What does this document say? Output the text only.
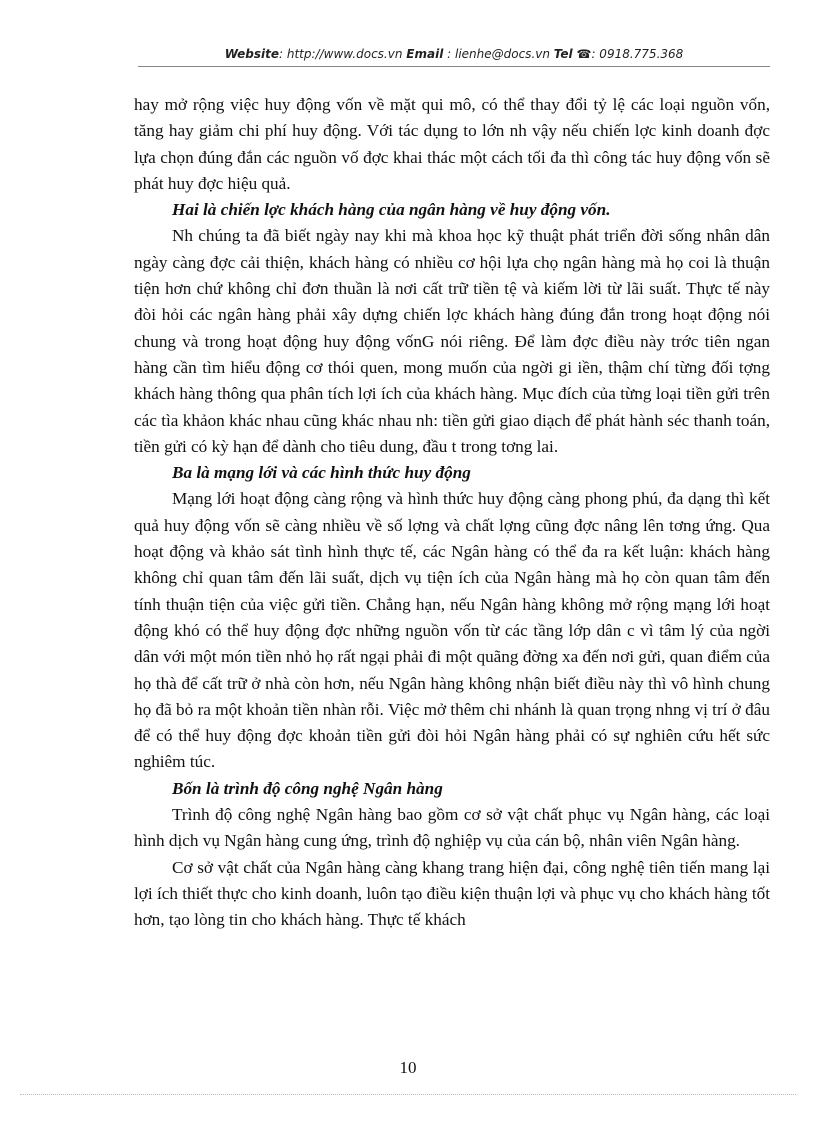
Website: http://www.docs.vn Email : lienhe@docs.vn Tel ☎: 0918.775.368

hay mở rộng việc huy động vốn về mặt qui mô, có thể thay đổi tỷ lệ các loại nguồn vốn, tăng hay giảm chi phí huy động. Với tác dụng to lớn nh vậy nếu chiến lợc kinh doanh đợc lựa chọn đúng đắn các nguồn vố đợc khai thác một cách tối đa thì công tác huy động vốn sẽ phát huy đợc hiệu quả.

Hai là chiến lợc khách hàng của ngân hàng về huy động vốn.

Nh chúng ta đã biết ngày nay khi mà khoa học kỹ thuật phát triển đời sống nhân dân ngày càng đợc cải thiện, khách hàng có nhiều cơ hội lựa chọ ngân hàng mà họ coi là thuận tiện hơn chứ không chỉ đơn thuần là nơi cất trữ tiền tệ và kiếm lời từ lãi suất. Thực tế này đòi hỏi các ngân hàng phải xây dựng chiến lợc khách hàng đúng đắn trong hoạt động nói chung và trong hoạt động huy động vốnG nói riêng. Để làm đợc điều này trớc tiên ngan hàng cần tìm hiểu động cơ thói quen, mong muốn của ngời gi iền, thậm chí từng đối tợng khách hàng thông qua phân tích lợi ích của khách hàng. Mục đích của từng loại tiền gửi trên các tìa khảon khác nhau cũng khác nhau nh: tiền gửi giao diạch để phát hành séc thanh toán, tiền gửi có kỳ hạn để dành cho tiêu dung, đầu t trong tơng lai.

Ba là mạng lới và các hình thức huy động

Mạng lới hoạt động càng rộng và hình thức huy động càng phong phú, đa dạng thì kết quả huy động vốn sẽ càng nhiều về số lợng và chất lợng cũng đợc nâng lên tơng ứng. Qua hoạt động và khảo sát tình hình thực tế, các Ngân hàng có thể đa ra kết luận: khách hàng không chỉ quan tâm đến lãi suất, dịch vụ tiện ích của Ngân hàng mà họ còn quan tâm đến tính thuận tiện của việc gửi tiền. Chẳng hạn, nếu Ngân hàng không mở rộng mạng lới hoạt động khó có thể huy động đợc những nguồn vốn từ các tầng lớp dân c vì tâm lý của ngời dân với một món tiền nhỏ họ rất ngại phải đi một quãng đờng xa đến nơi gửi, quan điểm của họ thà để cất trữ ở nhà còn hơn, nếu Ngân hàng không nhận biết điều này thì vô hình chung họ đã bỏ ra một khoản tiền nhàn rỗi. Việc mở thêm chi nhánh là quan trọng nhng vị trí ở đâu để có thể huy động đợc khoản tiền gửi đòi hỏi Ngân hàng phải có sự nghiên cứu hết sức nghiêm túc.

Bốn là trình độ công nghệ Ngân hàng

Trình độ công nghệ Ngân hàng bao gồm cơ sở vật chất phục vụ Ngân hàng, các loại hình dịch vụ Ngân hàng cung ứng, trình độ nghiệp vụ của cán bộ, nhân viên Ngân hàng.

Cơ sở vật chất của Ngân hàng càng khang trang hiện đại, công nghệ tiên tiến mang lại lợi ích thiết thực cho kinh doanh, luôn tạo điều kiện thuận lợi và phục vụ cho khách hàng tốt hơn, tạo lòng tin cho khách hàng. Thực tế khách

10
